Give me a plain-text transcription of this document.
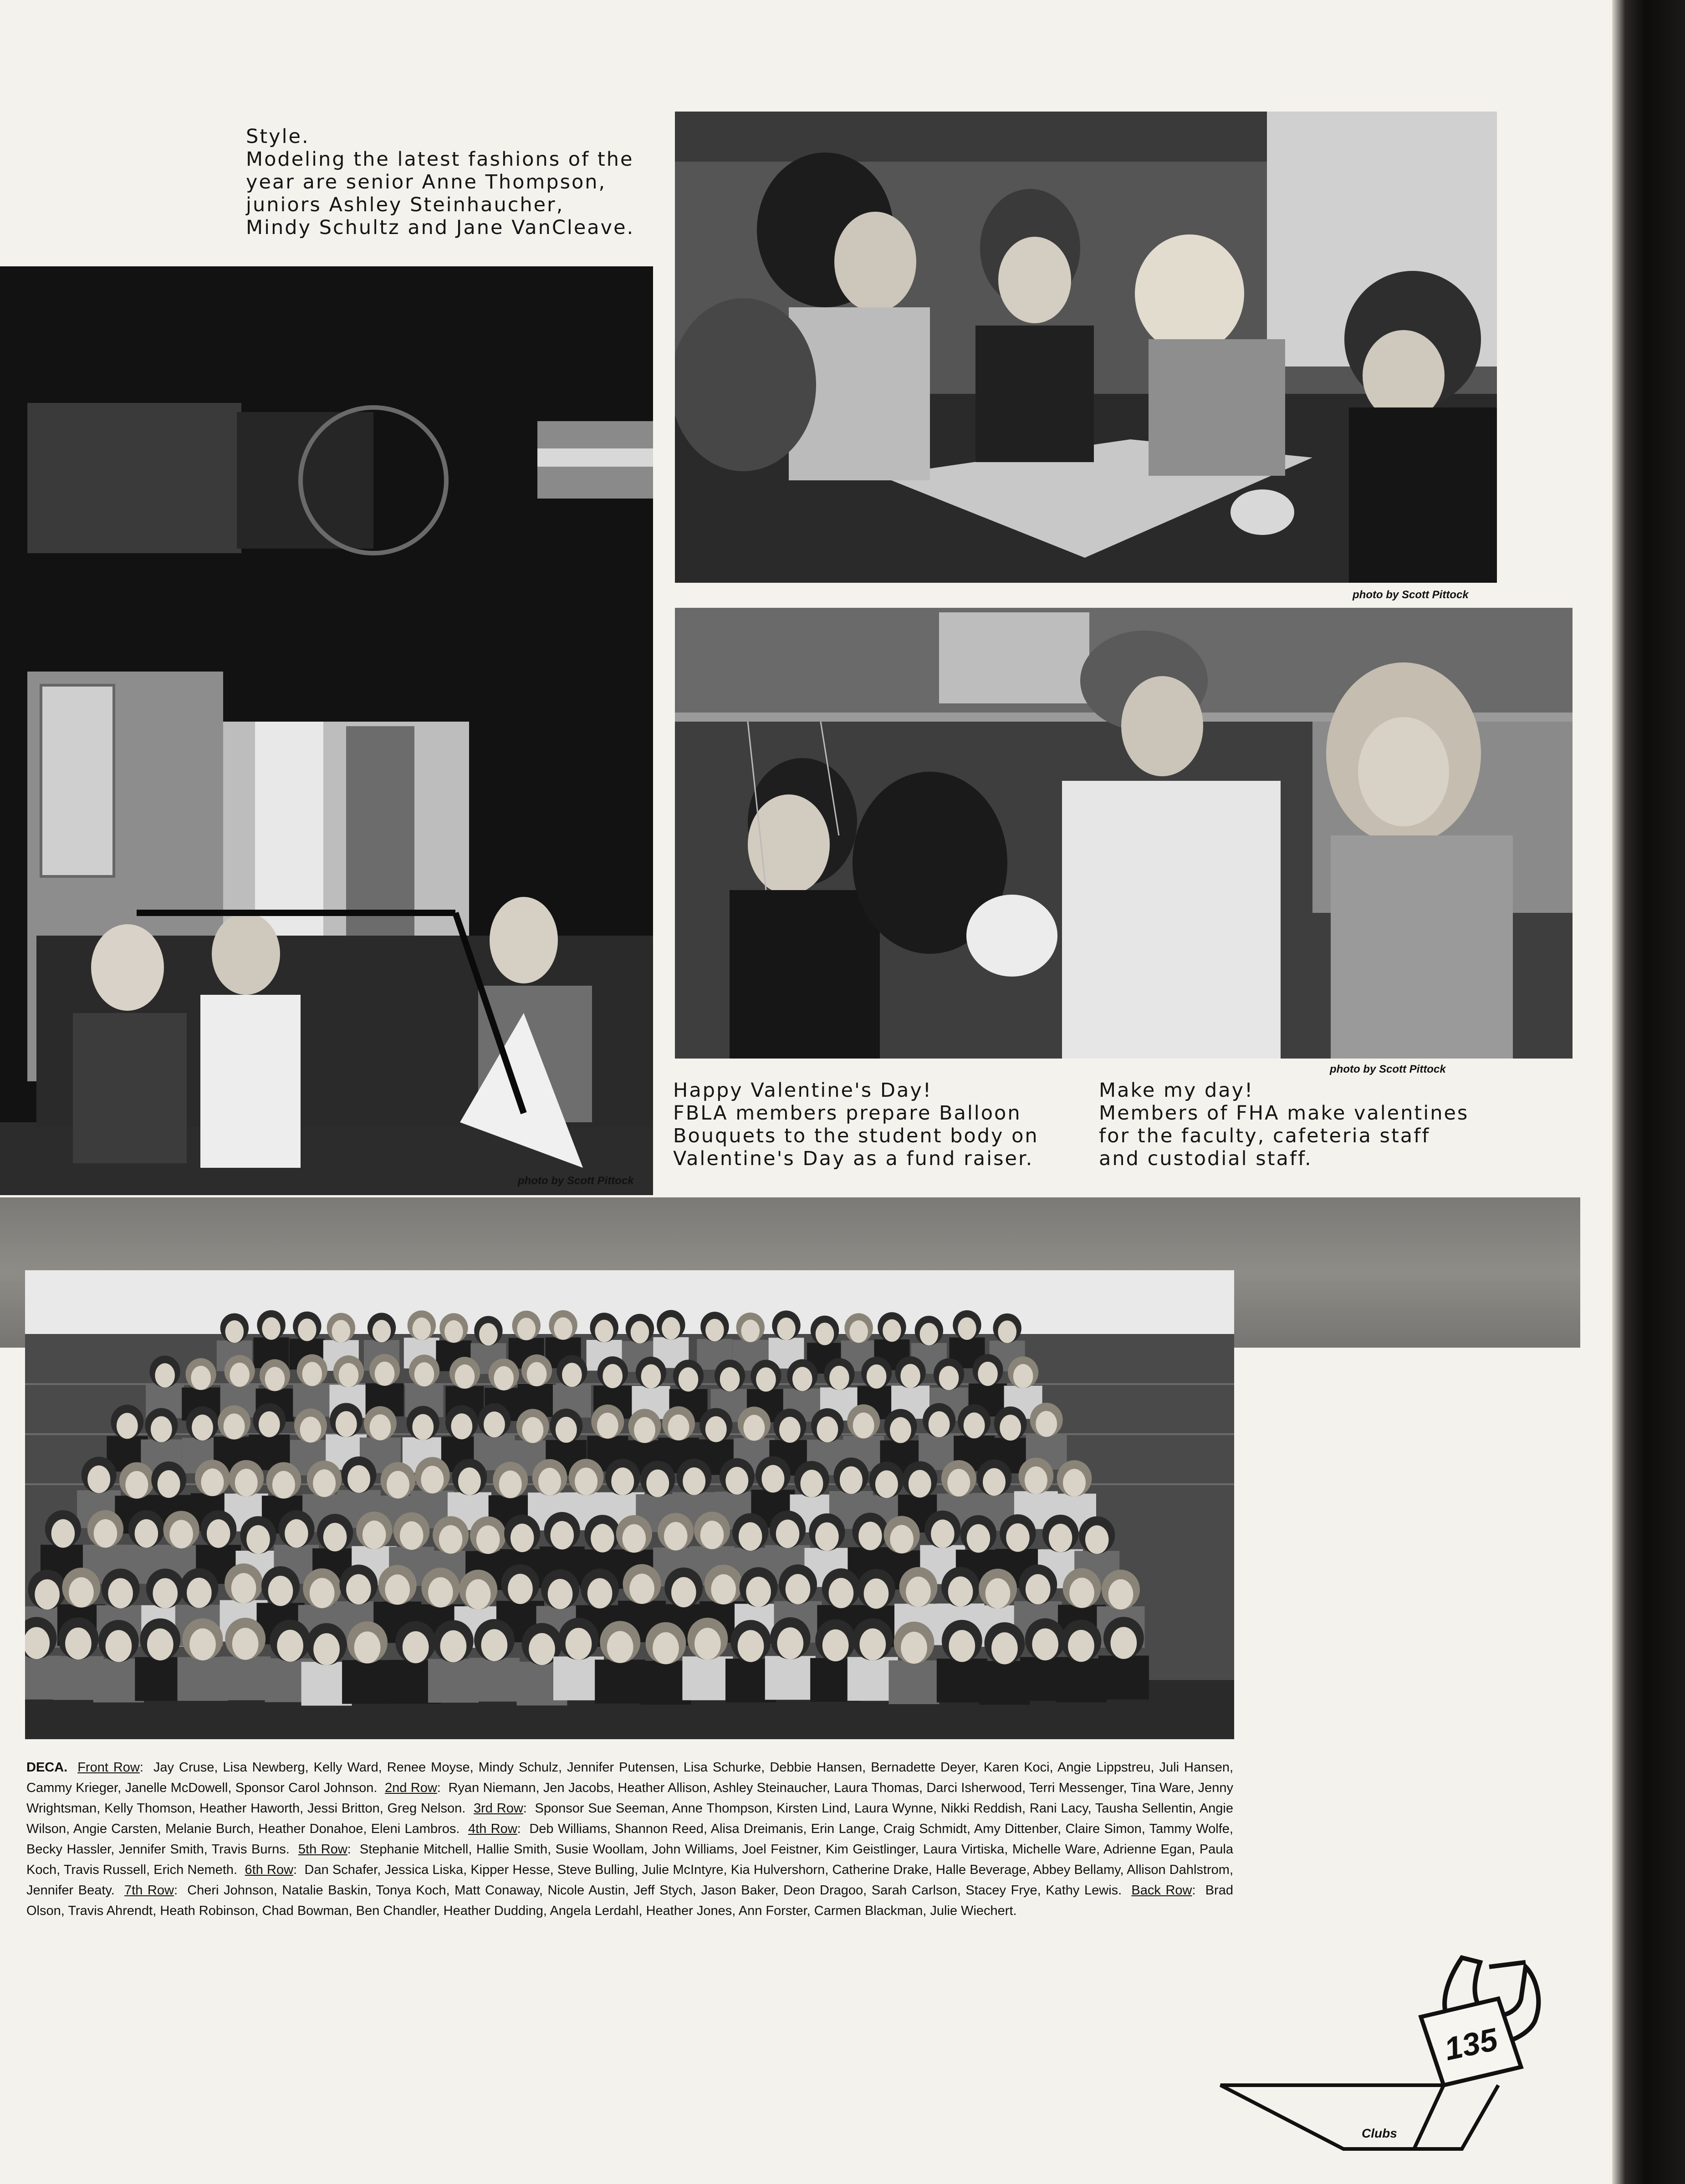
Style.
Modeling the latest fashions of the
year are senior Anne Thompson,
juniors Ashley Steinhaucher,
Mindy Schultz and Jane VanCleave.
photo by Scott Pittock
photo by Scott Pittock
photo by Scott Pittock
Happy Valentine's Day!
FBLA members prepare Balloon
Bouquets to the student body on
Valentine's Day as a fund raiser.
Make my day!
Members of FHA make valentines
for the faculty, cafeteria staff
and custodial staff.
DECA. Front Row:  Jay Cruse, Lisa Newberg, Kelly Ward, Renee Moyse, Mindy Schulz, Jennifer Putensen, Lisa Schurke, Debbie Hansen, Bernadette Deyer, Karen Koci, Angie Lippstreu, Juli Hansen, Cammy Krieger, Janelle McDowell, Sponsor Carol Johnson. 2nd Row:  Ryan Niemann, Jen Jacobs, Heather Allison, Ashley Steinaucher, Laura Thomas, Darci Isherwood, Terri Messenger, Tina Ware, Jenny Wrightsman, Kelly Thomson, Heather Haworth, Jessi Britton, Greg Nelson. 3rd Row:  Sponsor Sue Seeman, Anne Thompson, Kirsten Lind, Laura Wynne, Nikki Reddish, Rani Lacy, Tausha Sellentin, Angie Wilson, Angie Carsten, Melanie Burch, Heather Donahoe, Eleni Lambros. 4th Row:  Deb Williams, Shannon Reed, Alisa Dreimanis, Erin Lange, Craig Schmidt, Amy Dittenber, Claire Simon, Tammy Wolfe, Becky Hassler, Jennifer Smith, Travis Burns. 5th Row:  Stephanie Mitchell, Hallie Smith, Susie Woollam, John Williams, Joel Feistner, Kim Geistlinger, Laura Virtiska, Michelle Ware, Adrienne Egan, Paula Koch, Travis Russell, Erich Nemeth. 6th Row:  Dan Schafer, Jessica Liska, Kipper Hesse, Steve Bulling, Julie McIntyre, Kia Hulvershorn, Catherine Drake, Halle Beverage, Abbey Bellamy, Allison Dahlstrom, Jennifer Beaty. 7th Row:  Cheri Johnson, Natalie Baskin, Tonya Koch, Matt Conaway, Nicole Austin, Jeff Stych, Jason Baker, Deon Dragoo, Sarah Carlson, Stacey Frye, Kathy Lewis. Back Row:  Brad Olson, Travis Ahrendt, Heath Robinson, Chad Bowman, Ben Chandler, Heather Dudding, Angela Lerdahl, Heather Jones, Ann Forster, Carmen Blackman, Julie Wiechert.
135
Clubs
